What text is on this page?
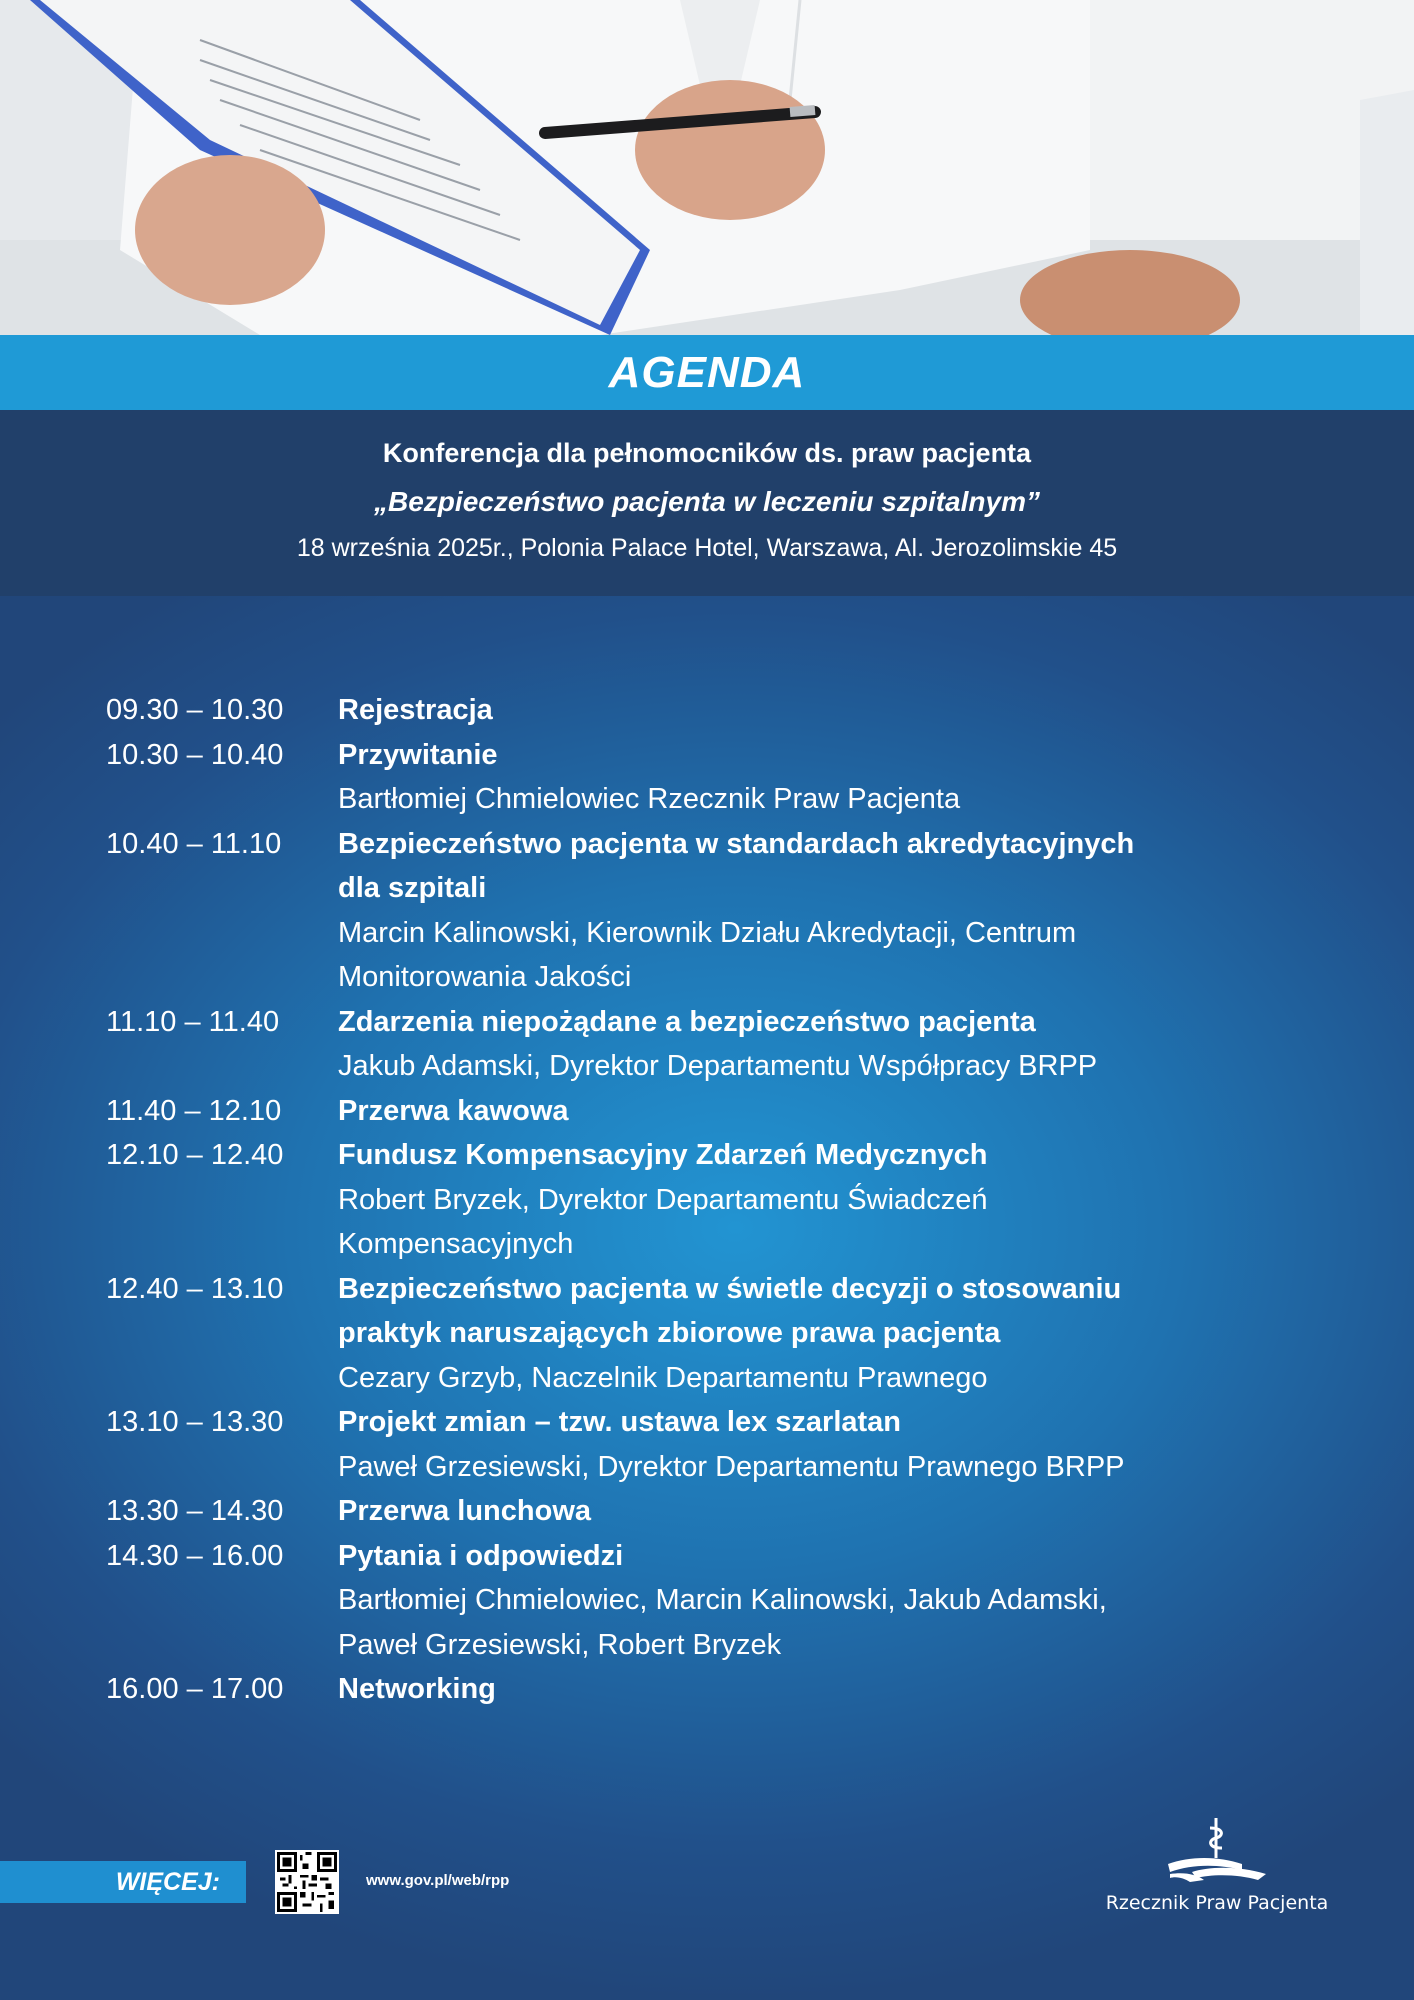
AGENDA
Konferencja dla pełnomocników ds. praw pacjenta
„Bezpieczeństwo pacjenta w leczeniu szpitalnym”
18 września 2025r., Polonia Palace Hotel, Warszawa, Al. Jerozolimskie 45
09.30 – 10.30	Rejestracja
10.30 – 10.40	Przywitanie
Bartłomiej Chmielowiec Rzecznik Praw Pacjenta
10.40 – 11.10	Bezpieczeństwo pacjenta w standardach akredytacyjnych
dla szpitali
Marcin Kalinowski, Kierownik Działu Akredytacji, Centrum
Monitorowania Jakości
11.10 – 11.40	Zdarzenia niepożądane a bezpieczeństwo pacjenta
Jakub Adamski, Dyrektor Departamentu Współpracy BRPP
11.40 – 12.10	Przerwa kawowa
12.10 – 12.40	Fundusz Kompensacyjny Zdarzeń Medycznych
Robert Bryzek, Dyrektor Departamentu Świadczeń
Kompensacyjnych
12.40 – 13.10	Bezpieczeństwo pacjenta w świetle decyzji o stosowaniu
praktyk naruszających zbiorowe prawa pacjenta
Cezary Grzyb, Naczelnik Departamentu Prawnego
13.10 – 13.30	Projekt zmian – tzw. ustawa lex szarlatan
Paweł Grzesiewski, Dyrektor Departamentu Prawnego BRPP
13.30 – 14.30	Przerwa lunchowa
14.30 – 16.00	Pytania i odpowiedzi
Bartłomiej Chmielowiec, Marcin Kalinowski, Jakub Adamski,
Paweł Grzesiewski, Robert Bryzek
16.00 – 17.00	Networking
WIĘCEJ:	www.gov.pl/web/rpp
Rzecznik Praw Pacjenta
